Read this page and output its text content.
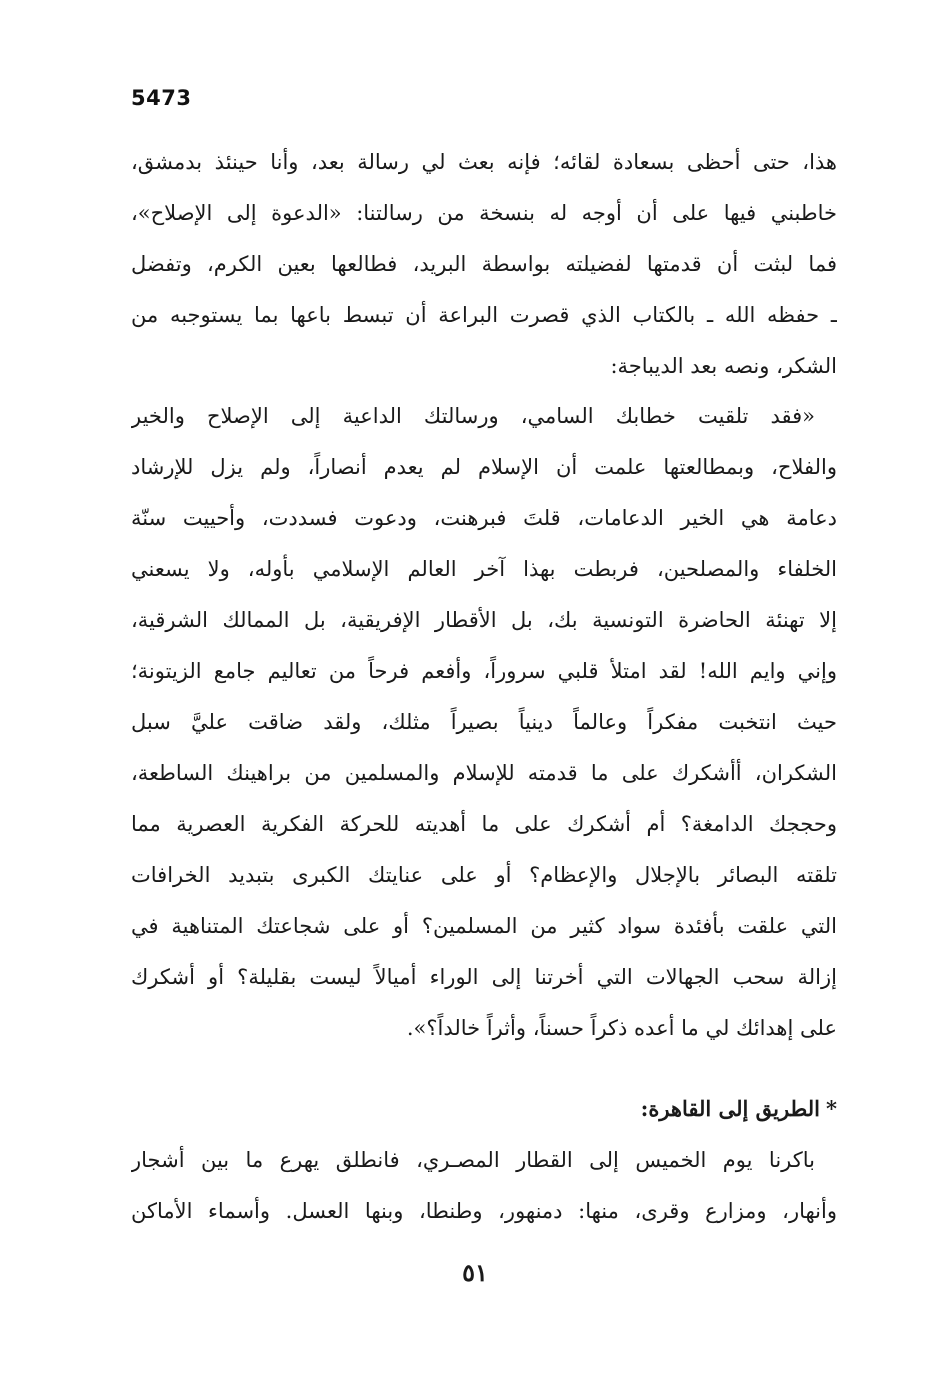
5473
هذا، حتى أحظى بسعادة لقائه؛ فإنه بعث لي رسالة بعد، وأنا حينئذ بدمشق،
خاطبني فيها على أن أوجه له بنسخة من رسالتنا: «الدعوة إلى الإصلاح»،
فما لبثت أن قدمتها لفضيلته بواسطة البريد، فطالعها بعين الكرم، وتفضل
ـ حفظه الله ـ بالكتاب الذي قصرت البراعة أن تبسط باعها بما يستوجبه من
الشكر، ونصه بعد الديباجة:
«فقد تلقيت خطابك السامي، ورسالتك الداعية إلى الإصلاح والخير
والفلاح، وبمطالعتها علمت أن الإسلام لم يعدم أنصاراً، ولم يزل للإرشاد
دعامة هي الخير الدعامات، قلتَ فبرهنت، ودعوت فسددت، وأحييت سنّة
الخلفاء والمصلحين، فربطت بهذا آخر العالم الإسلامي بأوله، ولا يسعني
إلا تهنئة الحاضرة التونسية بك، بل الأقطار الإفريقية، بل الممالك الشرقية،
وإني وايم الله! لقد امتلأ قلبي سروراً، وأفعم فرحاً من تعاليم جامع الزيتونة؛
حيث انتخبت مفكراً وعالماً دينياً بصيراً مثلك، ولقد ضاقت عليَّ سبل
الشكران، أأشكرك على ما قدمته للإسلام والمسلمين من براهينك الساطعة،
وحججك الدامغة؟ أم أشكرك على ما أهديته للحركة الفكرية العصرية مما
تلقته البصائر بالإجلال والإعظام؟ أو على عنايتك الكبرى بتبديد الخرافات
التي علقت بأفئدة سواد كثير من المسلمين؟ أو على شجاعتك المتناهية في
إزالة سحب الجهالات التي أخرتنا إلى الوراء أميالاً ليست بقليلة؟ أو أشكرك
على إهدائك لي ما أعده ذكراً حسناً، وأثراً خالداً؟».
*الطريق إلى القاهرة:
باكرنا يوم الخميس إلى القطار المصـري، فانطلق يهرع ما بين أشجار
وأنهار، ومزارع وقرى، منها: دمنهور، وطنطا، وبنها العسل. وأسماء الأماكن
٥١
